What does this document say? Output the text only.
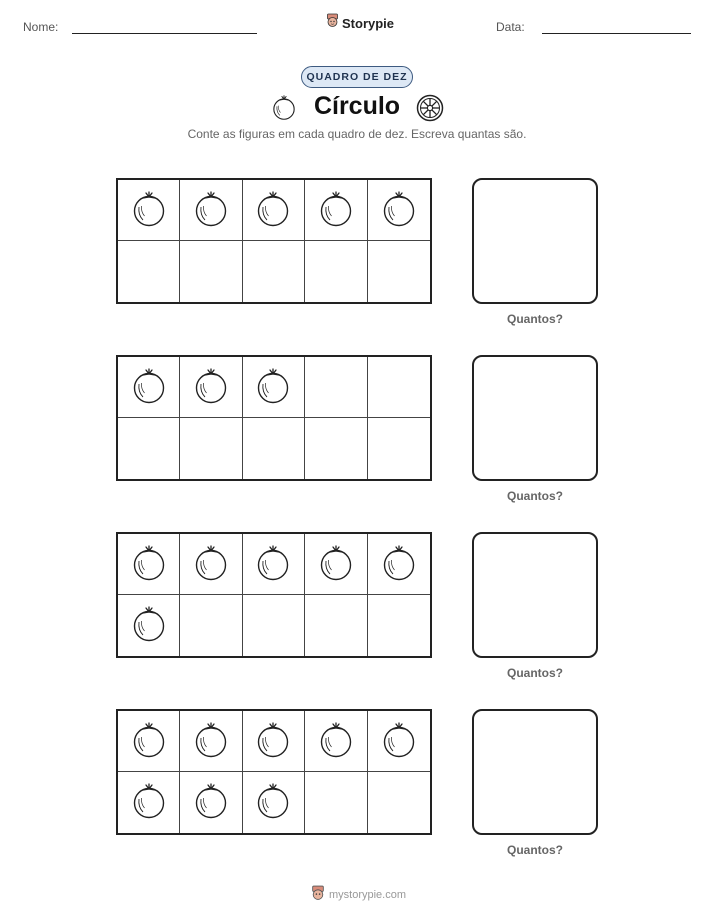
Nome:	Data:
Storypie
QUADRO DE DEZ
Círculo
Conte as figuras em cada quadro de dez. Escreva quantas são.
Quantos?
Quantos?
Quantos?
Quantos?
mystorypie.com
